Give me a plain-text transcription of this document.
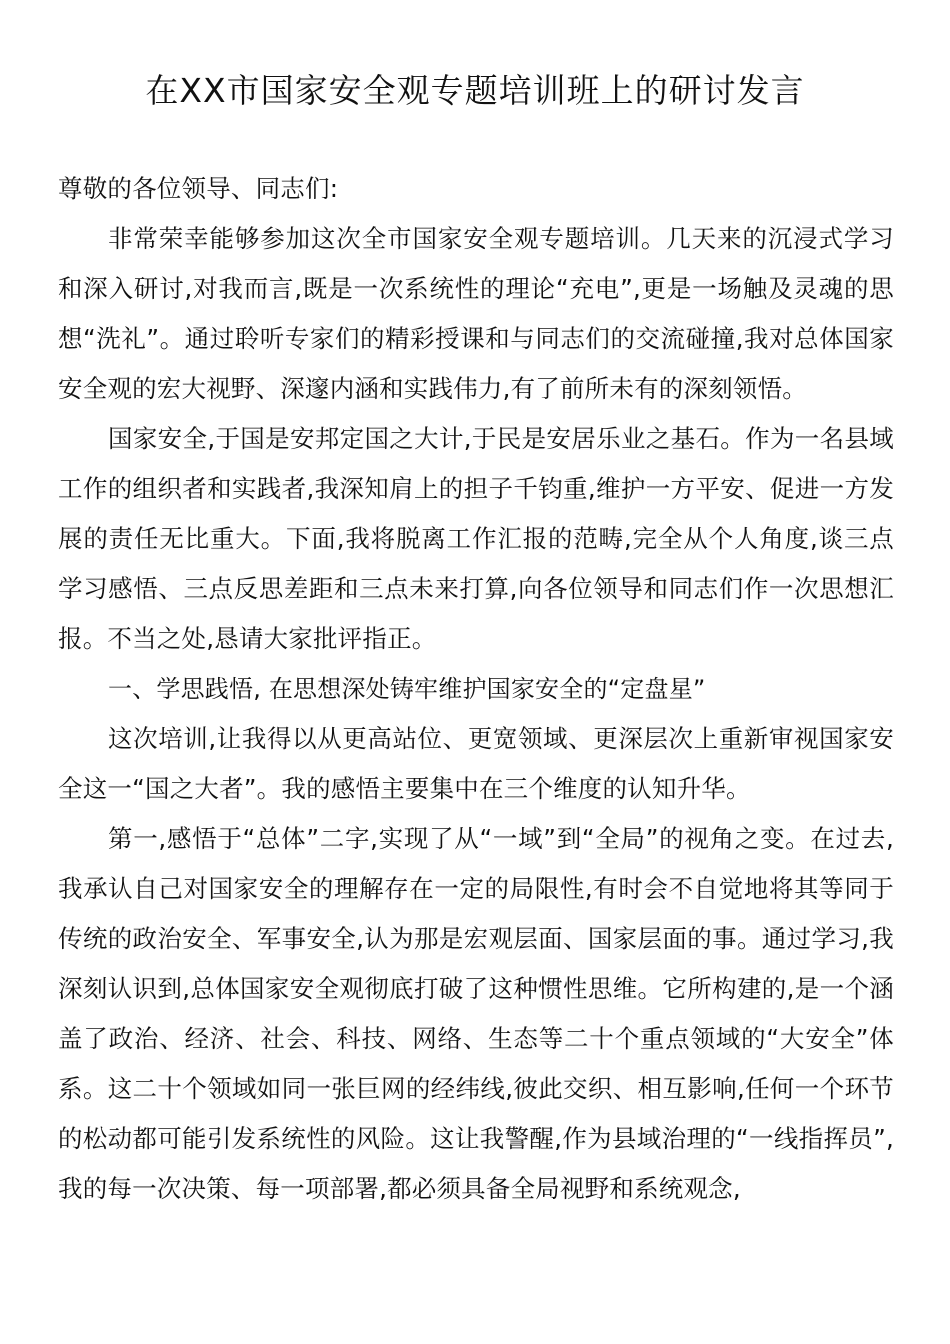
在XX市国家安全观专题培训班上的研讨发言

尊敬的各位领导、同志们:

非常荣幸能够参加这次全市国家安全观专题培训。几天来的沉浸式学习和深入研讨,对我而言,既是一次系统性的理论“充电”,更是一场触及灵魂的思想“洗礼”。通过聆听专家们的精彩授课和与同志们的交流碰撞,我对总体国家安全观的宏大视野、深邃内涵和实践伟力,有了前所未有的深刻领悟。

国家安全,于国是安邦定国之大计,于民是安居乐业之基石。作为一名县域工作的组织者和实践者,我深知肩上的担子千钧重,维护一方平安、促进一方发展的责任无比重大。下面,我将脱离工作汇报的范畴,完全从个人角度,谈三点学习感悟、三点反思差距和三点未来打算,向各位领导和同志们作一次思想汇报。不当之处,恳请大家批评指正。

一、学思践悟, 在思想深处铸牢维护国家安全的“定盘星”

这次培训,让我得以从更高站位、更宽领域、更深层次上重新审视国家安全这一“国之大者”。我的感悟主要集中在三个维度的认知升华。

第一,感悟于“总体”二字,实现了从“一域”到“全局”的视角之变。在过去,我承认自己对国家安全的理解存在一定的局限性,有时会不自觉地将其等同于传统的政治安全、军事安全,认为那是宏观层面、国家层面的事。通过学习,我深刻认识到,总体国家安全观彻底打破了这种惯性思维。它所构建的,是一个涵盖了政治、经济、社会、科技、网络、生态等二十个重点领域的“大安全”体系。这二十个领域如同一张巨网的经纬线,彼此交织、相互影响,任何一个环节的松动都可能引发系统性的风险。这让我警醒,作为县域治理的“一线指挥员”,我的每一次决策、每一项部署,都必须具备全局视野和系统观念,
